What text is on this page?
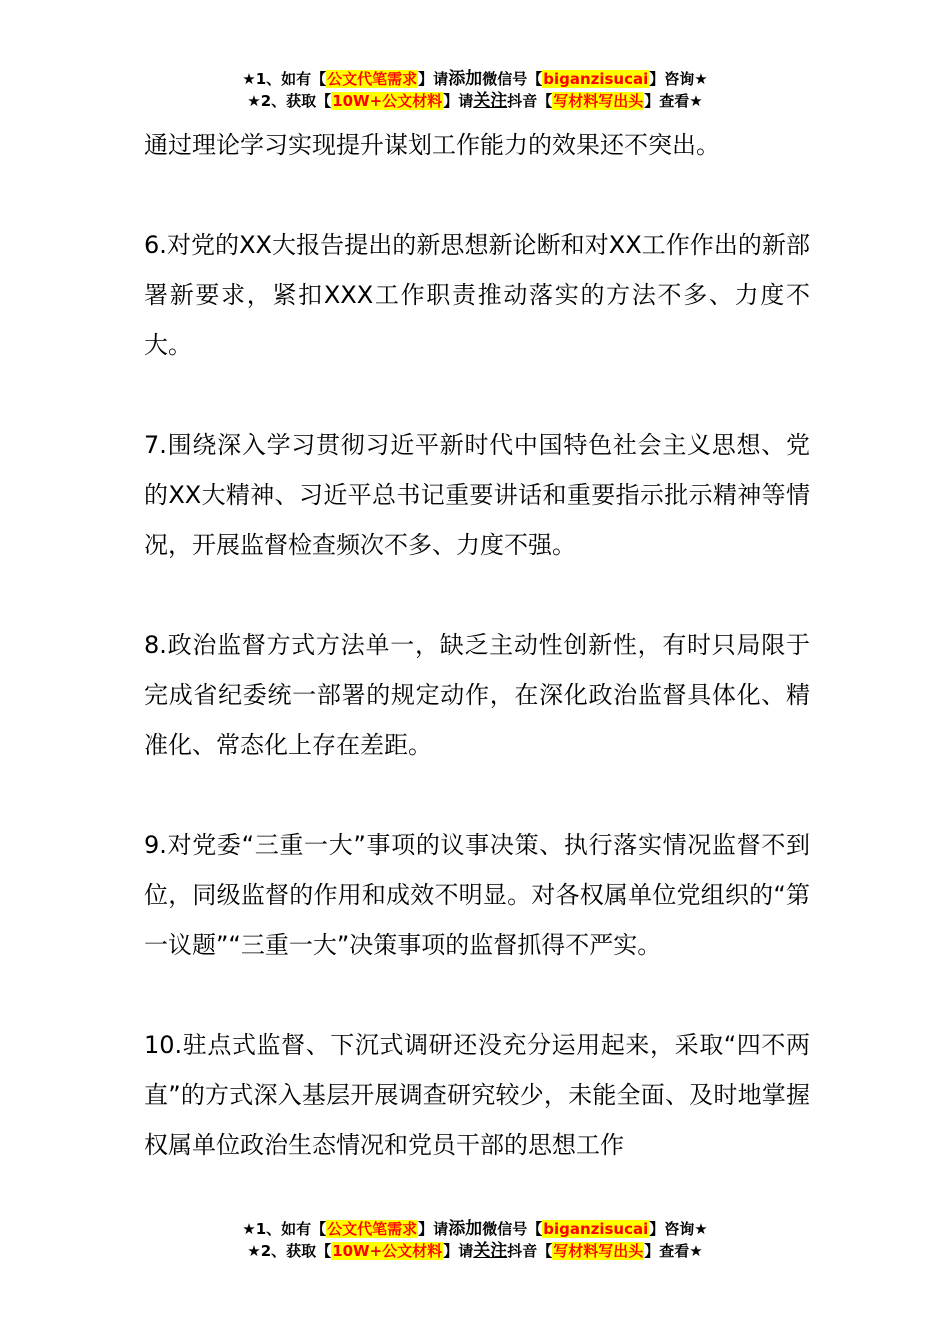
★1、如有【公文代笔需求】请添加微信号【biganzisucai】咨询★
★2、获取【10W+公文材料】请关注抖音【写材料写出头】查看★

通过理论学习实现提升谋划工作能力的效果还不突出。

6.对党的XX大报告提出的新思想新论断和对XX工作作出的新部署新要求，紧扣XXX工作职责推动落实的方法不多、力度不大。

7.围绕深入学习贯彻习近平新时代中国特色社会主义思想、党的XX大精神、习近平总书记重要讲话和重要指示批示精神等情况，开展监督检查频次不多、力度不强。

8.政治监督方式方法单一，缺乏主动性创新性，有时只局限于完成省纪委统一部署的规定动作，在深化政治监督具体化、精准化、常态化上存在差距。

9.对党委“三重一大”事项的议事决策、执行落实情况监督不到位，同级监督的作用和成效不明显。对各权属单位党组织的“第一议题”“三重一大”决策事项的监督抓得不严实。

10.驻点式监督、下沉式调研还没充分运用起来，采取“四不两直”的方式深入基层开展调查研究较少，未能全面、及时地掌握权属单位政治生态情况和党员干部的思想工作

★1、如有【公文代笔需求】请添加微信号【biganzisucai】咨询★
★2、获取【10W+公文材料】请关注抖音【写材料写出头】查看★
